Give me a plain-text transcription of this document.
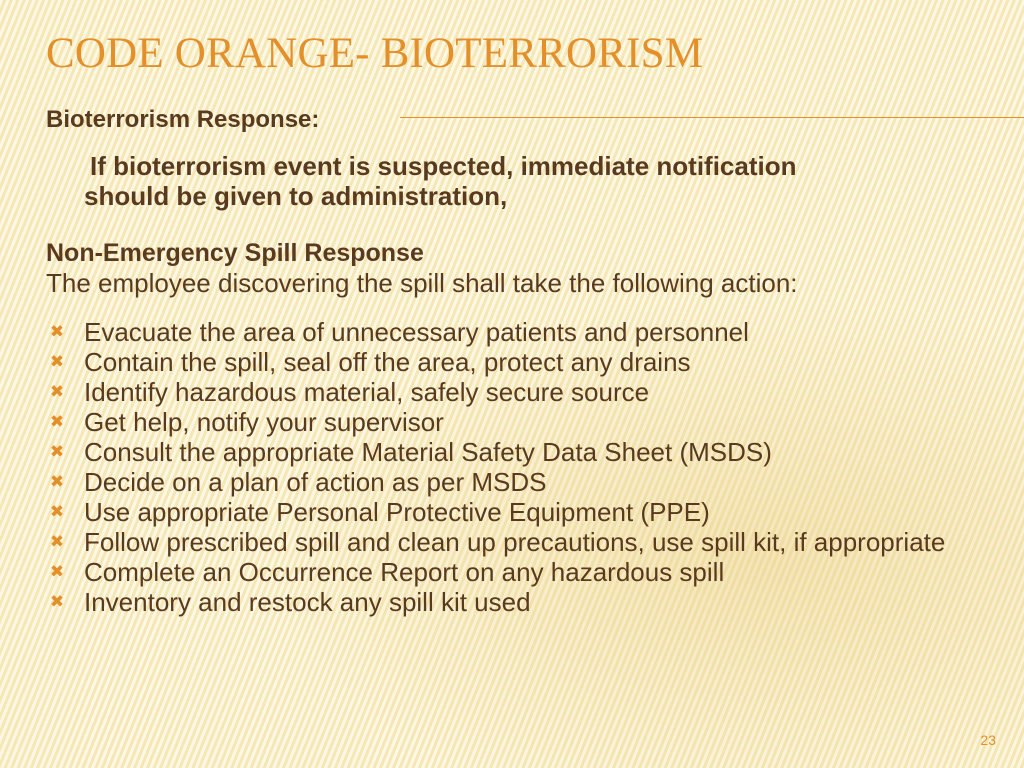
CODE ORANGE- BIOTERRORISM
Bioterrorism Response:

If bioterrorism event is suspected, immediate notification
should be given to administration,

Non-Emergency Spill Response

The employee discovering the spill shall take the following action:

✖ Evacuate the area of unnecessary patients and personnel
✖ Contain the spill, seal off the area, protect any drains
✖ Identify hazardous material, safely secure source
✖ Get help, notify your supervisor
✖ Consult the appropriate Material Safety Data Sheet (MSDS)
✖ Decide on a plan of action as per MSDS
✖ Use appropriate Personal Protective Equipment (PPE)
✖ Follow prescribed spill and clean up precautions, use spill kit, if appropriate
✖ Complete an Occurrence Report on any hazardous spill
✖ Inventory and restock any spill kit used
23
